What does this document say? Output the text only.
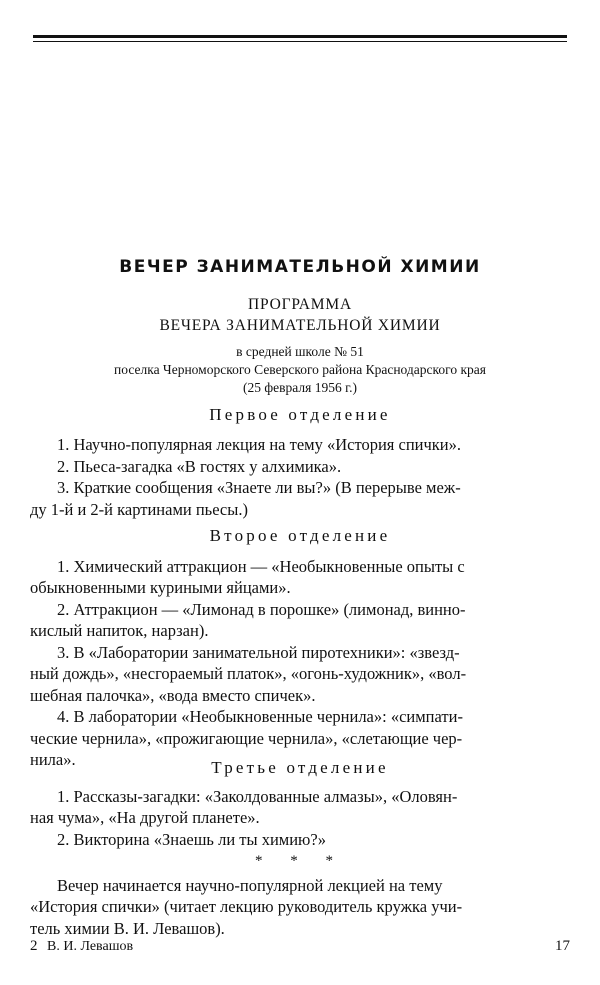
ВЕЧЕР ЗАНИМАТЕЛЬНОЙ ХИМИИ
ПРОГРАММА
ВЕЧЕРА ЗАНИМАТЕЛЬНОЙ ХИМИИ
в средней школе № 51
поселка Черноморского Северского района Краснодарского края
(25 февраля 1956 г.)
Первое отделение
1. Научно-популярная лекция на тему «История спички».
2. Пьеса-загадка «В гостях у алхимика».
3. Краткие сообщения «Знаете ли вы?» (В перерыве меж-
ду 1-й и 2-й картинами пьесы.)
Второе отделение
1. Химический аттракцион — «Необыкновенные опыты с
обыкновенными куриными яйцами».
2. Аттракцион — «Лимонад в порошке» (лимонад, винно-
кислый напиток, нарзан).
3. В «Лаборатории занимательной пиротехники»: «звезд-
ный дождь», «несгораемый платок», «огонь-художник», «вол-
шебная палочка», «вода вместо спичек».
4. В лаборатории «Необыкновенные чернила»: «симпати-
ческие чернила», «прожигающие чернила», «слетающие чер-
нила».	Третье отделение
1. Рассказы-загадки: «Заколдованные алмазы», «Оловян-
ная чума», «На другой планете».
2. Викторина «Знаешь ли ты химию?»
* * *
Вечер начинается научно-популярной лекцией на тему
«История спички» (читает лекцию руководитель кружка учи-
тель химии В. И. Левашов).
2 В. И. Левашов	17
